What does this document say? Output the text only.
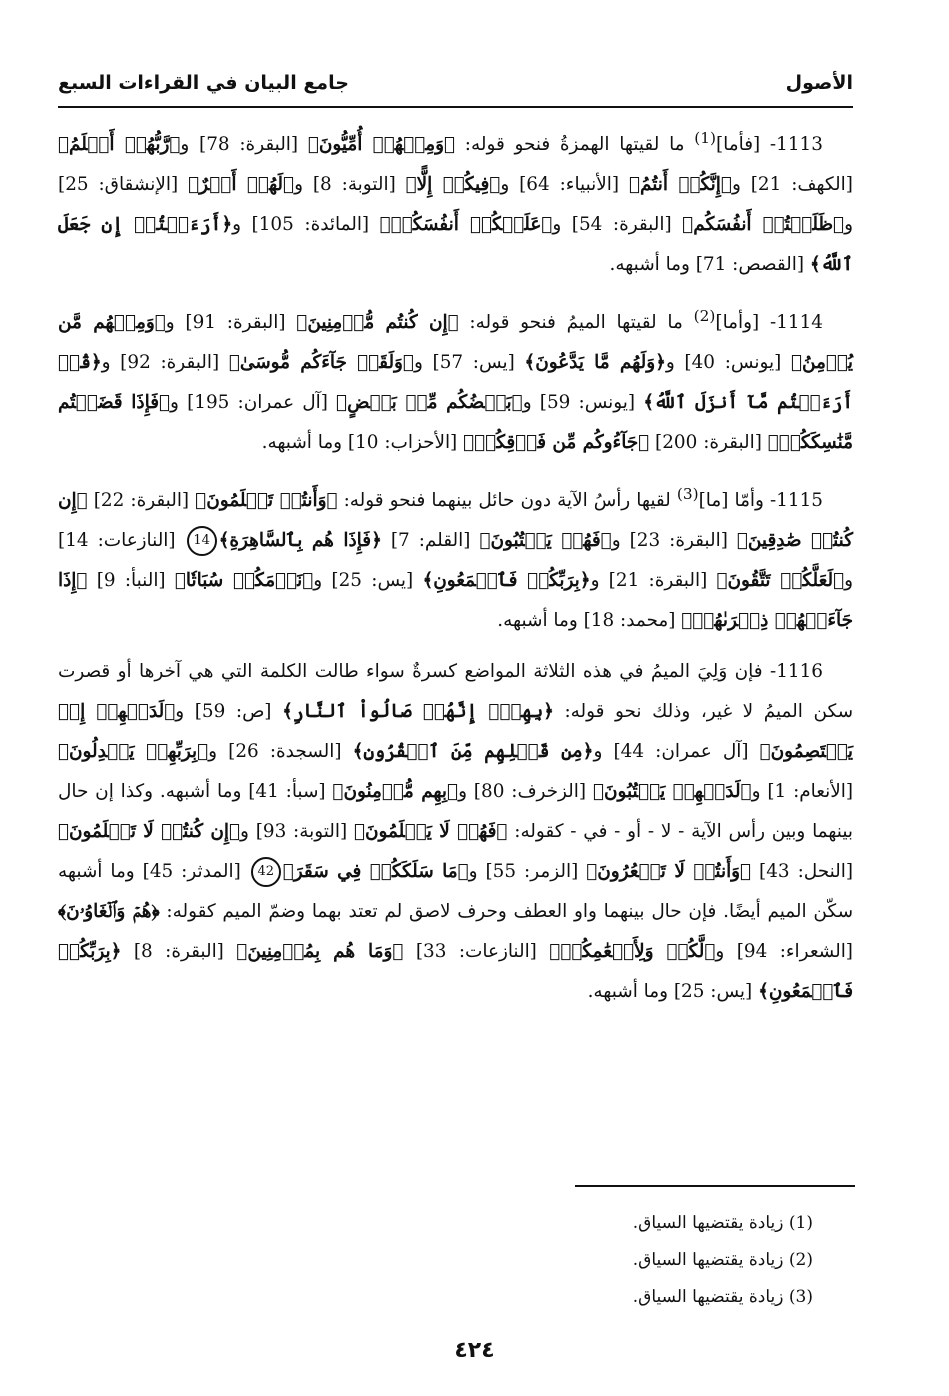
الأصول
جامع البيان في القراءات السبع

1113- [فأما]$^{(1)}$ ما لقيتها الهمزةُ فنحو قوله: ﴿وَمِنۡهُمۡ أُمِّيُّونَ﴾ [البقرة: 78] و﴿رَّبُّهُمۡ أَعۡلَمُ﴾ [الكهف: 21] و﴿إِنَّكُمۡ أَنتُمُ﴾ [الأنبياء: 64] و﴿فِيكُمۡ إِلًّا﴾ [التوبة: 8] و﴿لَهُمۡ أَجۡرٌ﴾ [الإنشقاق: 25] و﴿ظَلَمۡتُمۡ أَنفُسَكُم﴾ [البقرة: 54] و﴿عَلَيۡكُمۡ أَنفُسَكُمۡ﴾ [المائدة: 105] و﴿أَرَءَيۡتُمۡ إِن جَعَلَ ٱللَّهُ﴾ [القصص: 71] وما أشبهه.

1114- [وأما]$^{(2)}$ ما لقيتها الميمُ فنحو قوله: ﴿إِن كُنتُم مُّؤۡمِنِينَ﴾ [البقرة: 91] و﴿وَمِنۡهُم مَّن يُؤۡمِنُ﴾ [يونس: 40] و﴿وَلَهُم مَّا يَدَّعُونَ﴾ [يس: 57] و﴿وَلَقَدۡ جَآءَكُم مُّوسَىٰ﴾ [البقرة: 92] و﴿قُلۡ أَرَءَيۡتُم مَّآ أَنزَلَ ٱللَّهُ﴾ [يونس: 59] و﴿بَعۡضُكُم مِّنۢ بَعۡضٍ﴾ [آل عمران: 195] و﴿فَإِذَا قَضَيۡتُم مَّنَٰسِكَكُمۡ﴾ [البقرة: 200] ﴿جَآءُوكُم مِّن فَوۡقِكُمۡ﴾ [الأحزاب: 10] وما أشبهه.

1115- وأمّا [ما]$^{(3)}$ لقيها رأسُ الآية دون حائل بينهما فنحو قوله: ﴿وَأَنتُمۡ تَعۡلَمُونَ﴾ [البقرة: 22] ﴿إِن كُنتُمۡ صَٰدِقِينَ﴾ [البقرة: 23] و﴿فَهُمۡ يَكۡتُبُونَ﴾ [القلم: 7] ﴿فَإِذَا هُم بِٱلسَّاهِرَةِ﴾14 [النازعات: 14] و﴿لَعَلَّكُمۡ تَتَّقُونَ﴾ [البقرة: 21] و﴿بِرَبِّكُمۡ فَٱسۡمَعُونِ﴾ [يس: 25] و﴿نَوۡمَكُمۡ سُبَاتٗا﴾ [النبأ: 9] ﴿إِذَا جَآءَتۡهُمۡ ذِكۡرَىٰهُمۡ﴾ [محمد: 18] وما أشبهه.

1116- فإن وَلِيَ الميمُ في هذه الثلاثة المواضع كسرةٌ سواء طالت الكلمة التي هي آخرها أو قصرت سكن الميمُ لا غير، وذلك نحو قوله: ﴿بِهِمۡۚ إِنَّهُمۡ صَالُواْ ٱلنَّارِ﴾ [ص: 59] و﴿لَدَيۡهِمۡ إِذۡ يَخۡتَصِمُونَ﴾ [آل عمران: 44] و﴿مِن قَبۡلِهِم مِّنَ ٱلۡقُرُونِ﴾ [السجدة: 26] و﴿بِرَبِّهِمۡ يَعۡدِلُونَ﴾ [الأنعام: 1] و﴿لَدَيۡهِمۡ يَكۡتُبُونَ﴾ [الزخرف: 80] و﴿بِهِم مُّؤۡمِنُونَ﴾ [سبأ: 41] وما أشبهه. وكذا إن حال بينهما وبين رأس الآية - لا - أو - في - كقوله: ﴿فَهُمۡ لَا يَعۡلَمُونَ﴾ [التوبة: 93] و﴿إِن كُنتُمۡ لَا تَعۡلَمُونَ﴾ [النحل: 43] ﴿وَأَنتُمۡ لَا تَشۡعُرُونَ﴾ [الزمر: 55] و﴿مَا سَلَكَكُمۡ فِي سَقَرَ﴾42 [المدثر: 45] وما أشبهه سكّن الميم أيضًا. فإن حال بينهما واو العطف وحرف لاصق لم تعتد بهما وضمّ الميم كقوله: ﴿هُمۡ وَٱلۡغَاوُۥنَ﴾ [الشعراء: 94] و﴿لَّكُمۡ وَلِأَنۡعَٰمِكُمۡ﴾ [النازعات: 33] ﴿وَمَا هُم بِمُؤۡمِنِينَ﴾ [البقرة: 8] ﴿بِرَبِّكُمۡ فَٱسۡمَعُونِ﴾ [يس: 25] وما أشبهه.

(1) زيادة يقتضيها السياق.

(2) زيادة يقتضيها السياق.

(3) زيادة يقتضيها السياق.

٤٢٤
